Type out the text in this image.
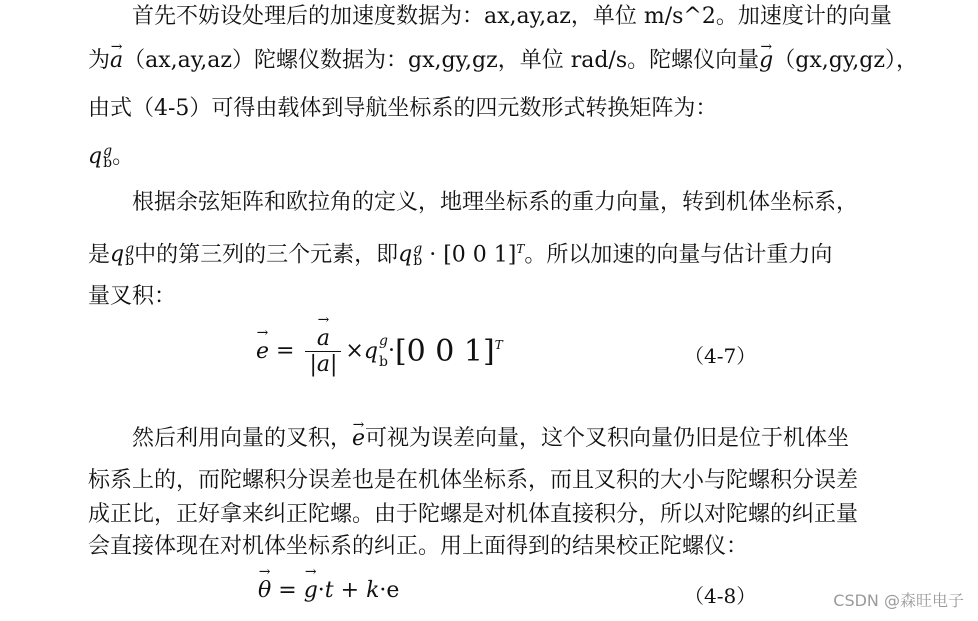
首先不妨设处理后的加速度数据为：ax,ay,az，单位 m/s^2。加速度计的向量
为→ a（ax,ay,az）陀螺仪数据为：gx,gy,gz，单位 rad/s。陀螺仪向量→ g（gx,gy,gz），
由式（4-5）可得由载体到导航坐标系的四元数形式转换矩阵为：
q g
b 。
根据余弦矩阵和欧拉角的定义，地理坐标系的重力向量，转到机体坐标系，
是q g
b 中的第三列的三个元素，即q g
b · [0 0 1]$^T$。所以加速的向量与估计重力向
量叉积：
→ e = → $\frac{a}{|a|} \times q$ g
b ·[0 0 1]$^T$	（4-7）
然后利用向量的叉积，→ e可视为误差向量，这个叉积向量仍旧是位于机体坐
标系上的，而陀螺积分误差也是在机体坐标系，而且叉积的大小与陀螺积分误差
成正比，正好拿来纠正陀螺。由于陀螺是对机体直接积分，所以对陀螺的纠正量
会直接体现在对机体坐标系的纠正。用上面得到的结果校正陀螺仪：
→ θ = → g·t + k·e	（4-8）	CSDN @森旺电子
